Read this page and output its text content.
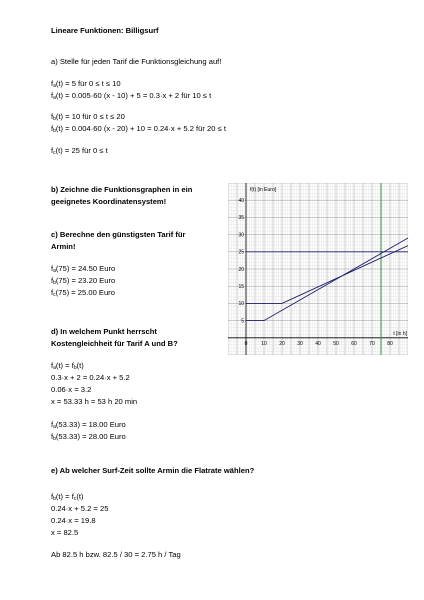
Lineare Funktionen: Billigsurf
a) Stelle für jeden Tarif die Funktionsgleichung auf!
$f_a(t) = 5$ für 0 ≤ t ≤ 10
$f_a(t) = 0.005\cdot 60$ (x - 10) + 5 = 0.3·x + 2 für 10 ≤ t
$f_b(t) = 10$ für 0 ≤ t ≤ 20
$f_b(t) = 0.004\cdot 60$ (x - 20) + 10 = 0.24·x + 5.2 für 20 ≤ t
$f_c(t) = 25$ für 0 ≤ t
b) Zeichne die Funktionsgraphen in ein
geeignetes Koordinatensystem!
c) Berechne den günstigsten Tarif für
Armin!
$f_a(75) = 24.50$ Euro
$f_b(75) = 23.20$ Euro
$f_c(75) = 25.00$ Euro
d) In welchem Punkt herrscht
Kostengleichheit für Tarif A und B?
$f_a(t) = f_b(t)$
0.3·x + 2 = 0.24·x + 5.2
0.06·x = 3.2
x = 53.33 h = 53 h 20 min
$f_a(53.33) = 18.00$ Euro
$f_b(53.33) = 28.00$ Euro
e) Ab welcher Surf-Zeit sollte Armin die Flatrate wählen?
$f_b(t) = f_c(t)$
0.24·x + 5.2 = 25
0.24·x = 19.8
x = 82.5
Ab 82.5 h bzw. 82.5 / 30 = 2.75 h / Tag
0	10 20 30 40 50 60 70 80
5
10
15
20
25
30
35
40
f(t) [in Euro]
t [in h]
